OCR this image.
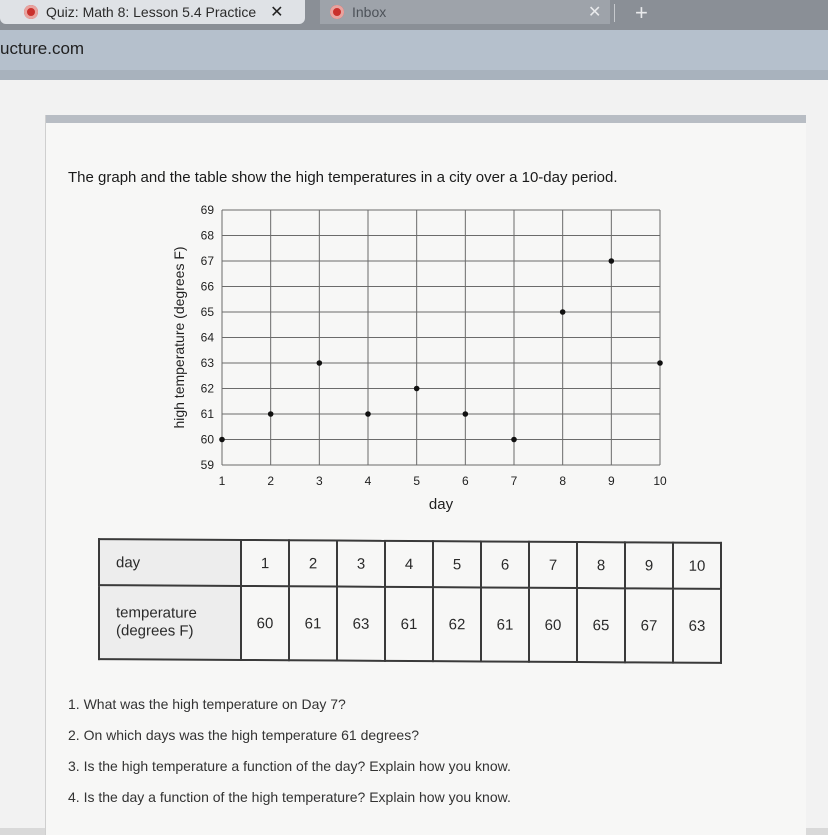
Quiz: Math 8: Lesson 5.4 Practice ✕	Inbox	✕ +
ucture.com
The graph and the table show the high temperatures in a city over a 10-day period.
59
60
61
62
63
64
65
66
67
68
69
1	2	3	4	5	6	7	8	9	10
day
high temperature (degrees F)
day	1	2	3	4	5	6	7	8	9	10
temperature
(degrees F)	60	61	63	61	62	61	60	65	67	63
1. What was the high temperature on Day 7?
2. On which days was the high temperature 61 degrees?
3. Is the high temperature a function of the day? Explain how you know.
4. Is the day a function of the high temperature? Explain how you know.
